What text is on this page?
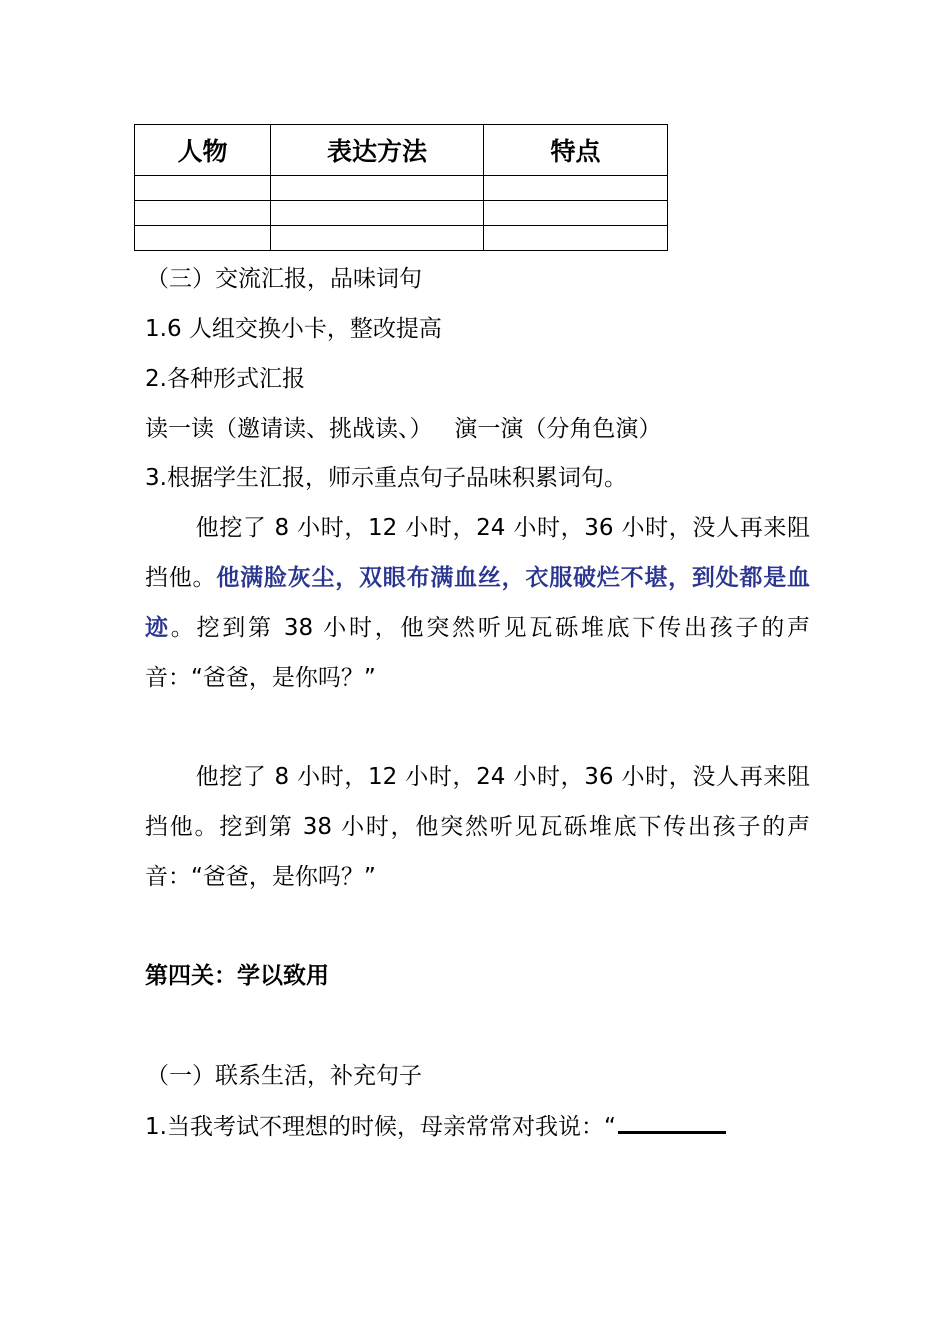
人物	表达方法	特点

（三）交流汇报，品味词句
1.6 人组交换小卡，整改提高
2.各种形式汇报
读一读（邀请读、挑战读、）   演一演（分角色演）
3.根据学生汇报，师示重点句子品味积累词句。
他挖了 8 小时，12 小时，24 小时，36 小时，没人再来阻挡他。他满脸灰尘，双眼布满血丝，衣服破烂不堪，到处都是血迹。挖到第 38 小时，他突然听见瓦砾堆底下传出孩子的声音：“爸爸，是你吗？”
他挖了 8 小时，12 小时，24 小时，36 小时，没人再来阻挡他。挖到第 38 小时，他突然听见瓦砾堆底下传出孩子的声音：“爸爸，是你吗？”
第四关：学以致用
（一）联系生活，补充句子
1.当我考试不理想的时候，母亲常常对我说：“
